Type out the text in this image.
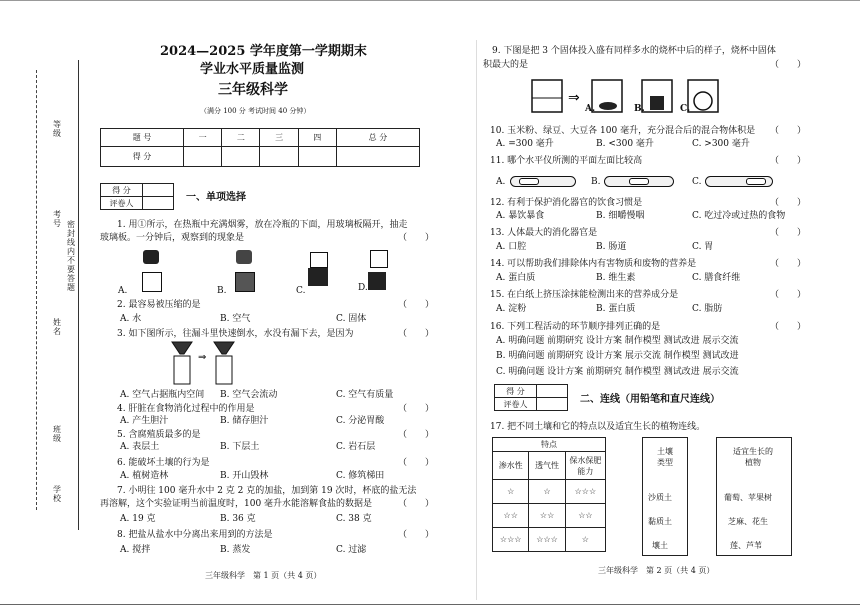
等级
考号
姓名
班级
学校
密封线内不要答题
2024—2025 学年度第一学期期末
学业水平质量监测
三年级科学
（满分 100 分 考试时间 40 分钟）
题 号	一	二	三	四	总 分
得 分					
得 分	
评卷人		一、单项选择
1. 用①所示，在热瓶中充满烟雾，放在冷瓶的下面，用玻璃板隔开，抽走
玻璃板。一分钟后，观察到的现象是	（　　）
A.	B.	C.	D.
2. 最容易被压缩的是	（　　）
A. 水	B. 空气	C. 固体
3. 如下图所示，往漏斗里快速倒水，水没有漏下去，是因为	（　　）
⇒
A. 空气占据瓶内空间 B. 空气会流动	C. 空气有质量
4. 肝脏在食物消化过程中的作用是	（　　）
A. 产生胆汁	B. 储存胆汁	C. 分泌胃酸
5. 含腐殖质最多的是	（　　）
A. 表层土	B. 下层土	C. 岩石层
6. 能破坏土壤的行为是	（　　）
A. 植树造林	B. 开山毁林	C. 修筑梯田
7. 小明往 100 毫升水中 2 克 2 克的加盐，加到第 19 次时，杯底的盐无法
再溶解，这个实验证明当前温度时，100 毫升水能溶解食盐的数据是	（　　）
A. 19 克	B. 36 克	C. 38 克
8. 把盐从盐水中分离出来用到的方法是	（　　）
A. 搅拌	B. 蒸发	C. 过滤
三年级科学　第 1 页（共 4 页）
9. 下图是把 3 个固体投入盛有同样多水的烧杯中后的样子，烧杯中固体
积最大的是	（　　）
⇒
A.	B.	C.
10. 玉米粉、绿豆、大豆各 100 毫升，充分混合后的混合物体积是 （　　）
A. =300 毫升	B. <300 毫升	C. >300 毫升
11. 哪个水平仪所测的平面左面比较高	（　　）
A.	B.	C.
12. 有利于保护消化器官的饮食习惯是	（　　）
A. 暴饮暴食	B. 细嚼慢咽	C. 吃过冷或过热的食物
13. 人体最大的消化器官是	（　　）
A. 口腔	B. 肠道	C. 胃
14. 可以帮助我们排除体内有害物质和废物的营养是	（　　）
A. 蛋白质	B. 维生素	C. 膳食纤维
15. 在白纸上挤压涂抹能检测出来的营养成分是	（　　）
A. 淀粉	B. 蛋白质	C. 脂肪
16. 下列工程活动的环节顺序排列正确的是	（　　）
A. 明确问题 前期研究 设计方案 制作模型 测试改进 展示交流
B. 明确问题 前期研究 设计方案 展示交流 制作模型 测试改进
C. 明确问题 设计方案 前期研究 制作模型 测试改进 展示交流
得 分	
评卷人		二、连线（用铅笔和直尺连线）
17. 把不同土壤和它的特点以及适宜生长的植物连线。
特点		
渗水性	透气性	保水保肥能力
☆	☆	☆☆☆
☆☆	☆☆	☆☆
☆☆☆	☆☆☆	☆
土壤类型
沙质土
黏质土
壤土
适宜生长的植物
葡萄、苹果树
芝麻、花生
莲、芦苇
三年级科学　第 2 页（共 4 页）
